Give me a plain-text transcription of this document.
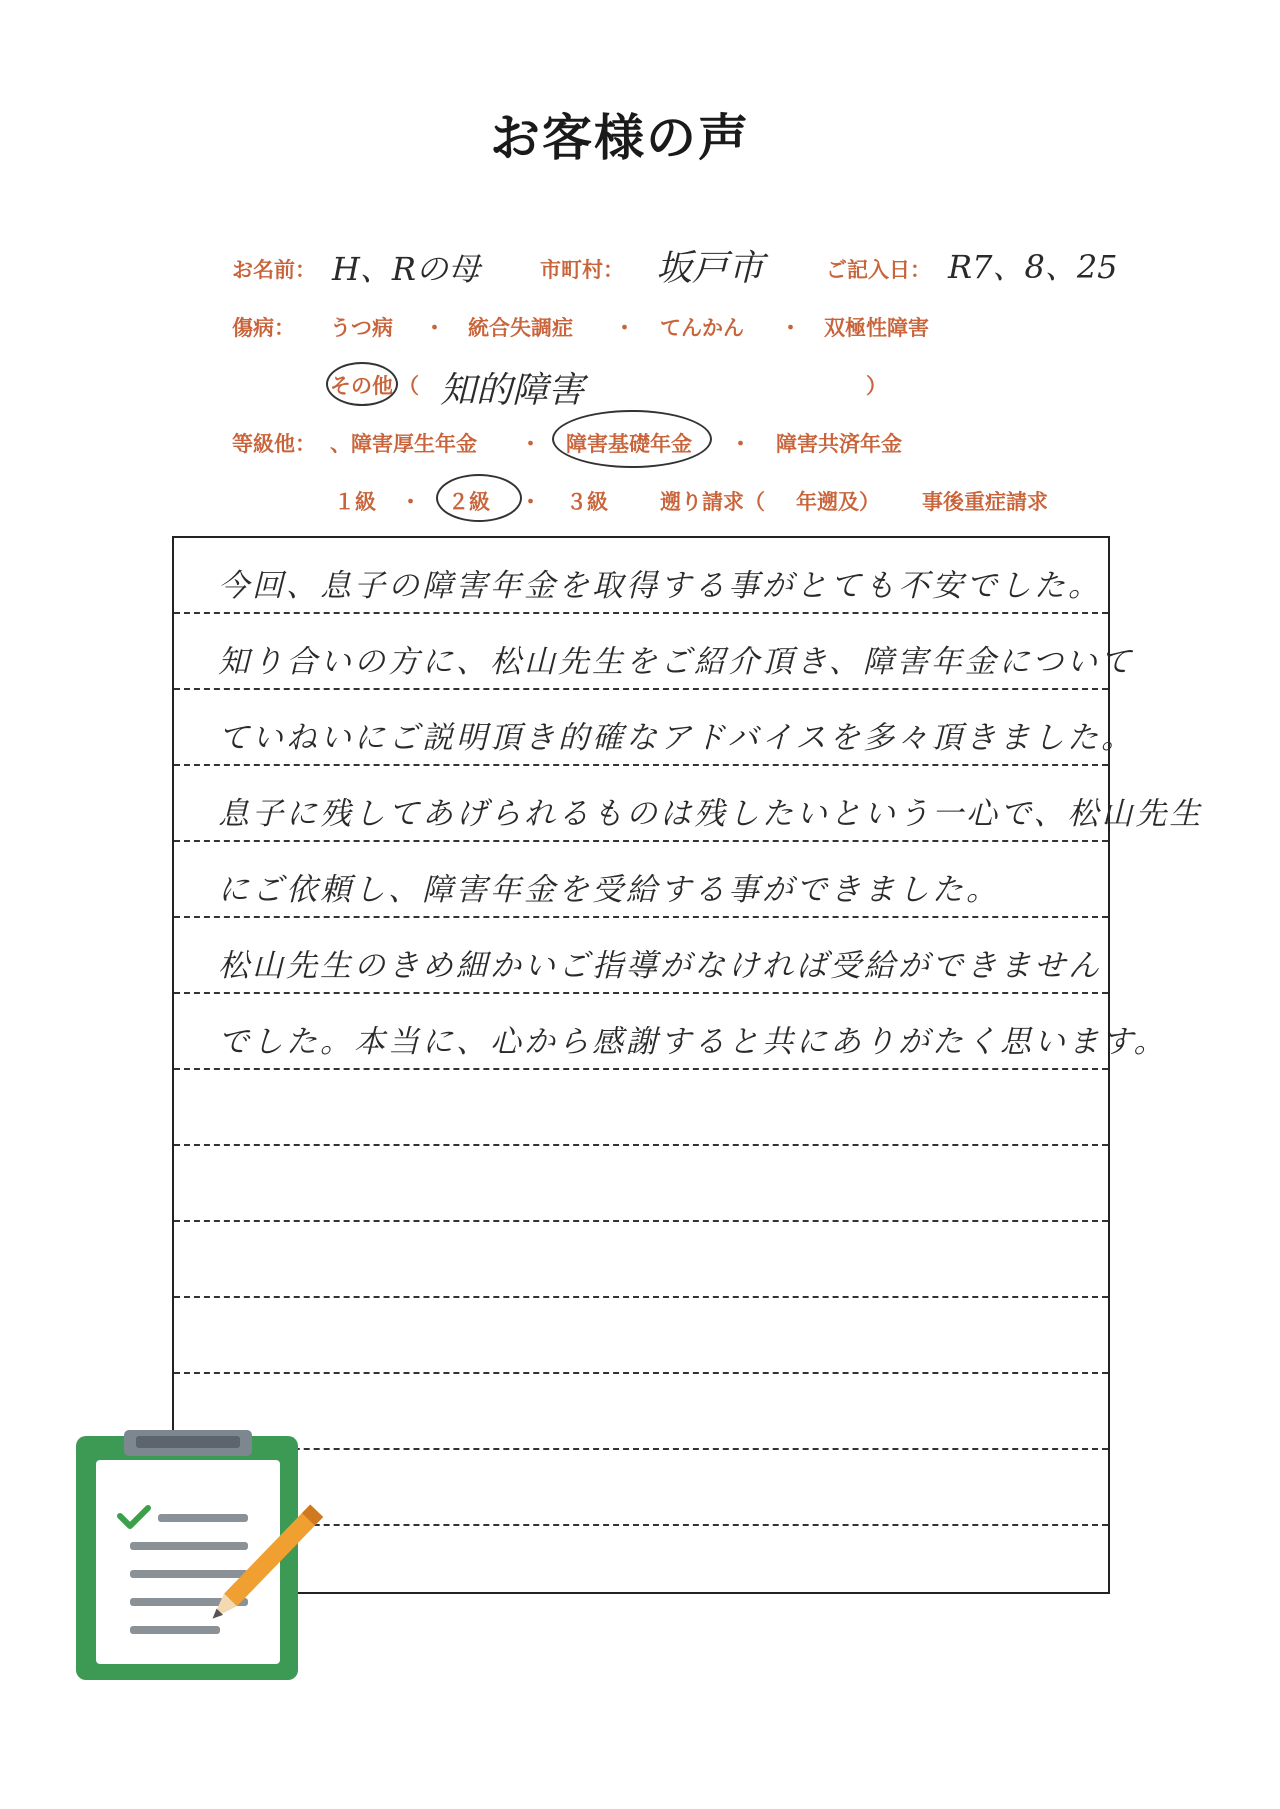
お客様の声
お名前： H、Rの母	市町村： 坂戸市	ご記入日： R7、8、25
傷病： うつ病 ・ 統合失調症 ・ てんかん ・ 双極性障害
その他 （ 知的障害	）
等級他： 、障害厚生年金 ・ 障害基礎年金 ・ 障害共済年金
１級 ・ ２級 ・ ３級 遡り請求（ 年遡及） 事後重症請求
今回、息子の障害年金を取得する事がとても不安でした。
知り合いの方に、松山先生をご紹介頂き、障害年金について
ていねいにご説明頂き的確なアドバイスを多々頂きました。
息子に残してあげられるものは残したいという一心で、松山先生
にご依頼し、障害年金を受給する事ができました。
松山先生のきめ細かいご指導がなければ受給ができません
でした。本当に、心から感謝すると共にありがたく思います。
